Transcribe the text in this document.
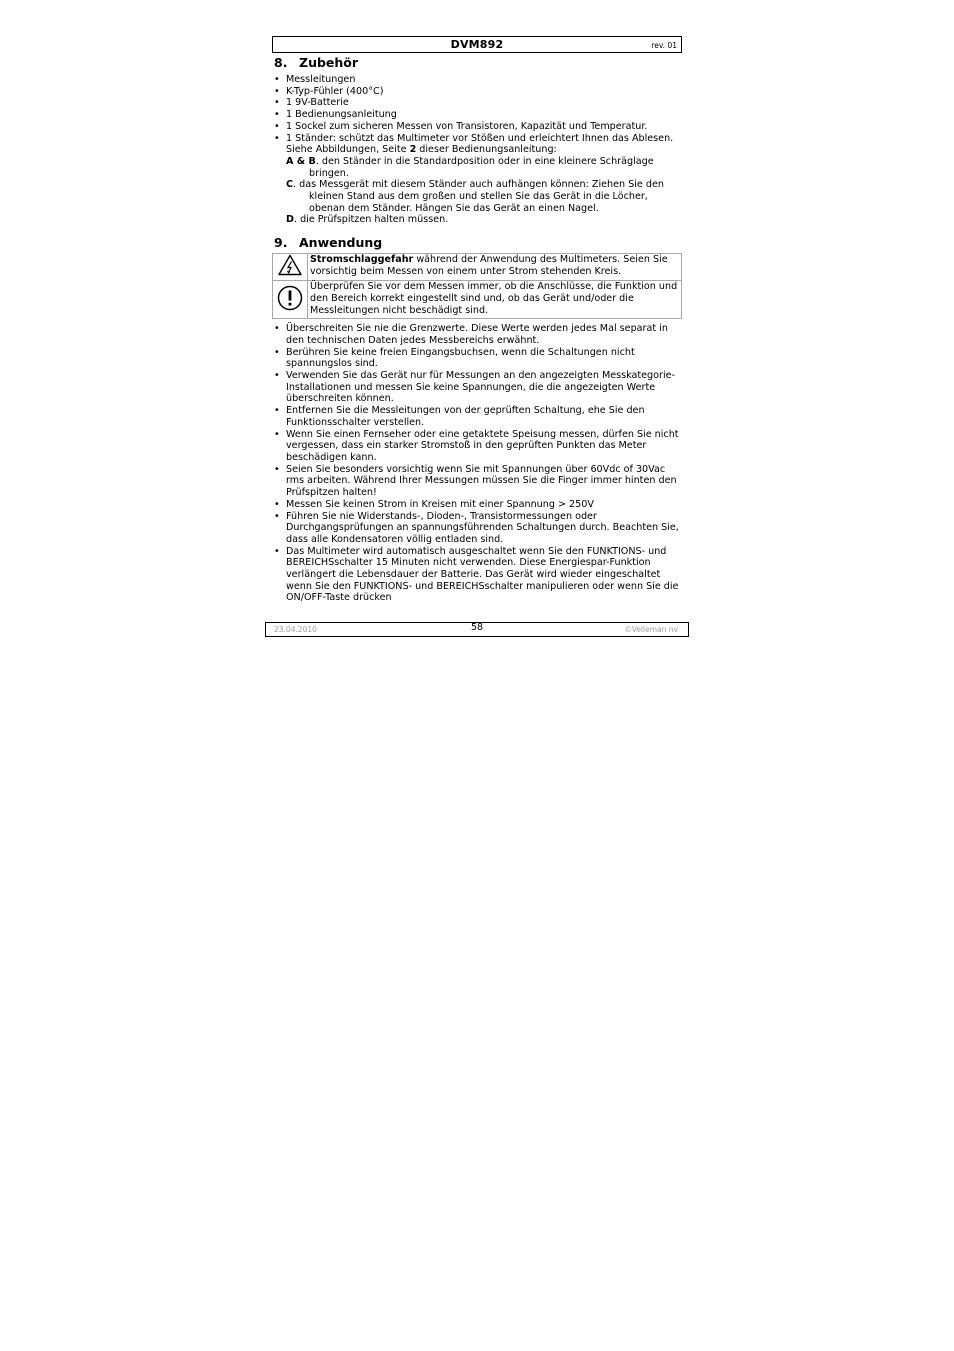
DVM892	rev. 01
8. Zubehör
• Messleitungen
• K-Typ-Fühler (400°C)
• 1 9V-Batterie
• 1 Bedienungsanleitung
• 1 Sockel zum sicheren Messen von Transistoren, Kapazität und Temperatur.
• 1 Ständer: schützt das Multimeter vor Stößen und erleichtert Ihnen das Ablesen.
Siehe Abbildungen, Seite 2 dieser Bedienungsanleitung:
A & B. den Ständer in die Standardposition oder in eine kleinere Schräglage bringen.
C. das Messgerät mit diesem Ständer auch aufhängen können: Ziehen Sie den kleinen Stand aus dem großen und stellen Sie das Gerät in die Löcher, obenan dem Ständer. Hängen Sie das Gerät an einen Nagel.
D. die Prüfspitzen halten müssen.
9. Anwendung
	Stromschlaggefahr während der Anwendung des Multimeters. Seien Sie vorsichtig beim Messen von einem unter Strom stehenden Kreis.
	Überprüfen Sie vor dem Messen immer, ob die Anschlüsse, die Funktion und den Bereich korrekt eingestellt sind und, ob das Gerät und/oder die Messleitungen nicht beschädigt sind.
• Überschreiten Sie nie die Grenzwerte. Diese Werte werden jedes Mal separat in den technischen Daten jedes Messbereichs erwähnt.
• Berühren Sie keine freien Eingangsbuchsen, wenn die Schaltungen nicht spannungslos sind.
• Verwenden Sie das Gerät nur für Messungen an den angezeigten Messkategorie-Installationen und messen Sie keine Spannungen, die die angezeigten Werte überschreiten können.
• Entfernen Sie die Messleitungen von der geprüften Schaltung, ehe Sie den Funktionsschalter verstellen.
• Wenn Sie einen Fernseher oder eine getaktete Speisung messen, dürfen Sie nicht vergessen, dass ein starker Stromstoß in den geprüften Punkten das Meter beschädigen kann.
• Seien Sie besonders vorsichtig wenn Sie mit Spannungen über 60Vdc of 30Vac rms arbeiten. Während Ihrer Messungen müssen Sie die Finger immer hinten den Prüfspitzen halten!
• Messen Sie keinen Strom in Kreisen mit einer Spannung > 250V
• Führen Sie nie Widerstands-, Dioden-, Transistormessungen oder Durchgangsprüfungen an spannungsführenden Schaltungen durch. Beachten Sie, dass alle Kondensatoren völlig entladen sind.
• Das Multimeter wird automatisch ausgeschaltet wenn Sie den FUNKTIONS- und BEREICHSschalter 15 Minuten nicht verwenden. Diese Energiespar-Funktion verlängert die Lebensdauer der Batterie. Das Gerät wird wieder eingeschaltet wenn Sie den FUNKTIONS- und BEREICHSschalter manipulieren oder wenn Sie die ON/OFF-Taste drücken
23.04.2010	58	©Velleman nv
